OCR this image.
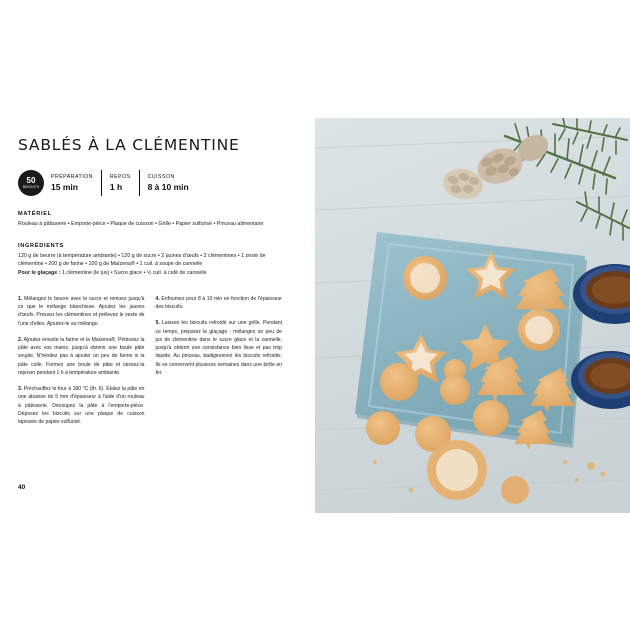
SABLÉS À LA CLÉMENTINE
50
BISCUITS
PRÉPARATION
15 min
REPOS
1 h
CUISSON
8 à 10 min
MATÉRIEL
Rouleau à pâtisserie • Emporte-pièce • Plaque de cuisson • Grille • Papier sulfurisé • Pinceau alimentaire
INGRÉDIENTS
120 g de beurre (à température ambiante) • 120 g de sucre • 2 jaunes d'œufs • 2 clémentines • 1 zeste de clémentine • 200 g de farine • 100 g de Maïzena® • 1 cuil. à soupe de cannelle
Pour le glaçage : 1 clémentine (le jus) • Sucre glace • ½ cuil. à café de cannelle

1. Mélangez le beurre avec le sucre et remuez jusqu'à ce que le mélange blanchisse. Ajoutez les jaunes d'œufs. Pressez les clémentines et prélevez le zeste de l'une d'elles. Ajoutez-le au mélange.

2. Ajoutez ensuite la farine et la Maïzena®. Pétrissez la pâte avec vos mains, jusqu'à obtenir une boule pâte souple. N'hésitez pas à ajouter un peu de farine si la pâte colle. Formez une boule de pâte et laissez-la reposer pendant 1 h à température ambiante.

3. Préchauffez le four à 180 °C (th. 6). Étalez la pâte en une abaisse de 5 mm d'épaisseur à l'aide d'un rouleau à pâtisserie. Découpez la pâte à l'emporte-pièce. Déposez les biscuits sur une plaque de cuisson tapissée de papier sulfurisé.

4. Enfournez pour 8 à 10 min en fonction de l'épaisseur des biscuits.

5. Laissez les biscuits refroidir sur une grille. Pendant ce temps, préparez le glaçage : mélangez un peu de jus de clémentine dans le sucre glace et la cannelle, jusqu'à obtenir une consistance bien lisse et pas trop liquide. Au pinceau, badigeonnez les biscuits refroidis. Ils se conservent plusieurs semaines dans une boîte en fer.

40
